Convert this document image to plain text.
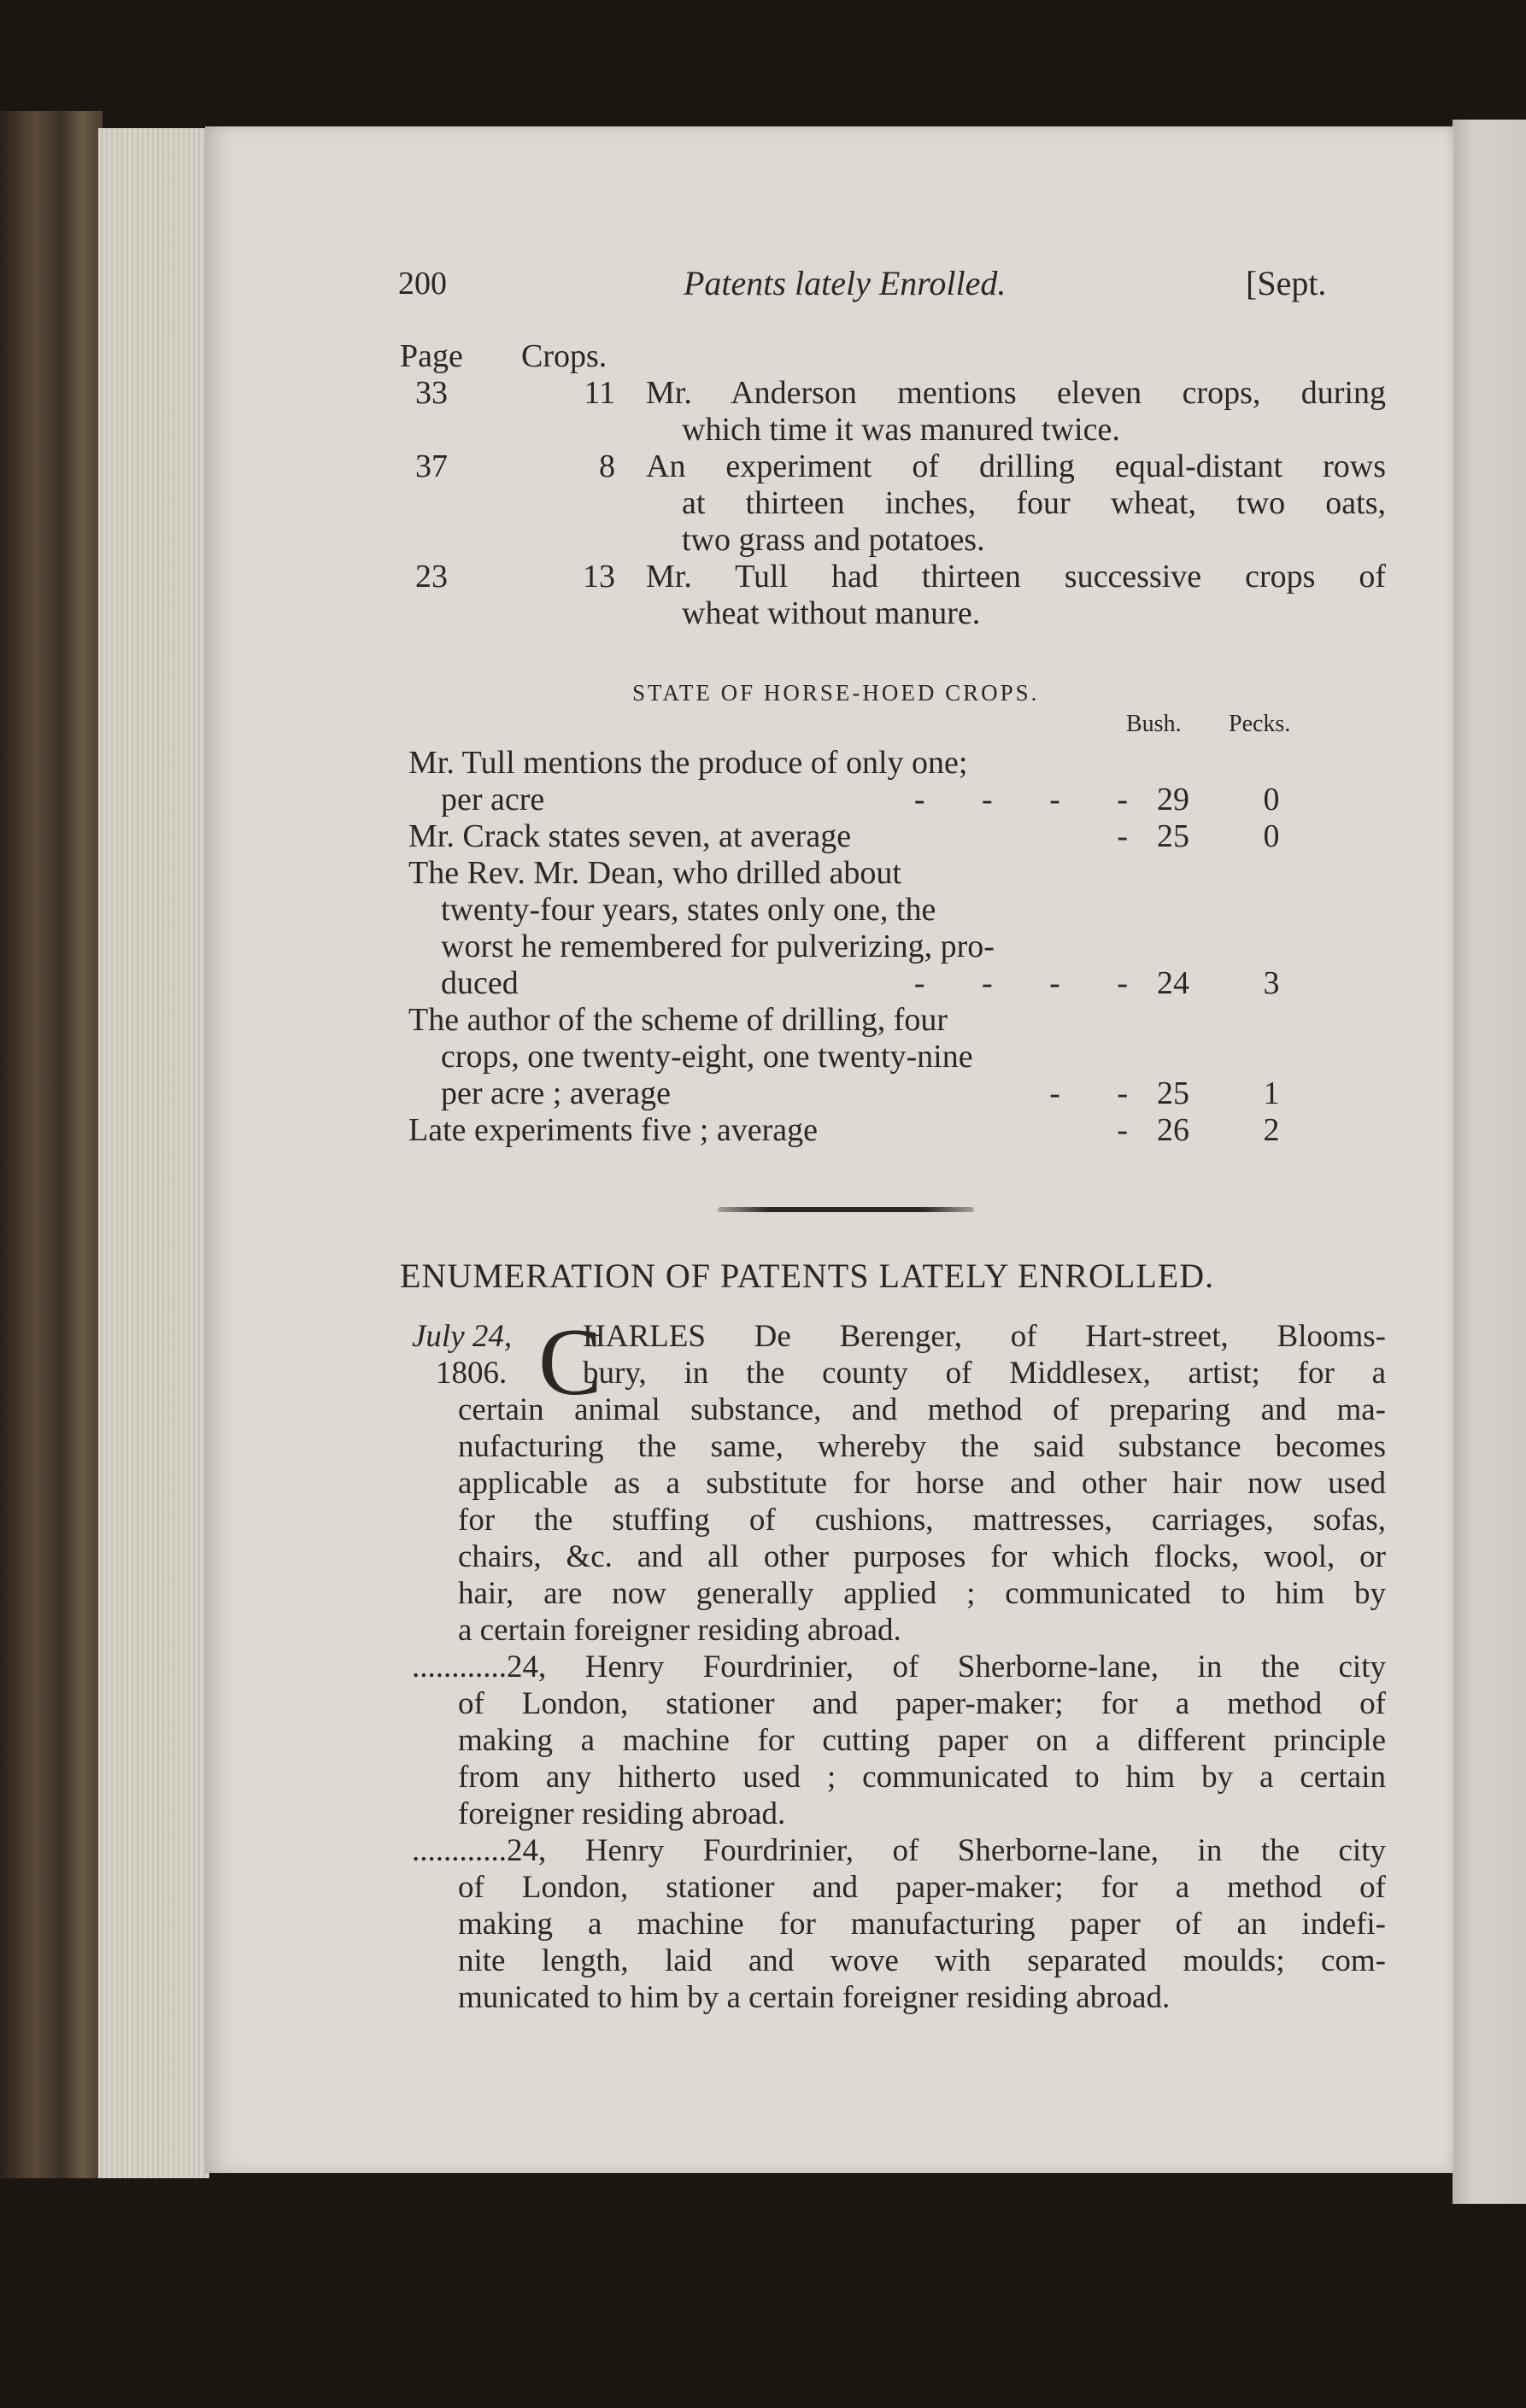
200	Patents lately Enrolled.	[Sept.
Page Crops.
33	11 Mr. Anderson mentions eleven crops, during
which time it was manured twice.
37	8 An experiment of drilling equal-distant rows
at thirteen inches, four wheat, two oats,
two grass and potatoes.
23	13 Mr. Tull had thirteen successive crops of
wheat without manure.
STATE OF HORSE-HOED CROPS.
Bush. Pecks.
Mr. Tull mentions the produce of only one;
per acre	-       -       -       - 29	0
Mr. Crack states seven, at average	- 25	0
The Rev. Mr. Dean, who drilled about
twenty-four years, states only one, the
worst he remembered for pulverizing, pro-
duced	-       -       -       - 24	3
The author of the scheme of drilling, four
crops, one twenty-eight, one twenty-nine
per acre ; average	-       - 25	1
Late experiments five ; average	- 26	2
ENUMERATION OF PATENTS LATELY ENROLLED.
C
July 24, HARLES De Berenger, of Hart-street, Blooms-
1806. bury, in the county of Middlesex, artist; for a
certain animal substance, and method of preparing and ma-
nufacturing the same, whereby the said substance becomes
applicable as a substitute for horse and other hair now used
for the stuffing of cushions, mattresses, carriages, sofas,
chairs, &c. and all other purposes for which flocks, wool, or
hair, are now generally applied ; communicated to him by
a certain foreigner residing abroad.
............24, Henry Fourdrinier, of Sherborne-lane, in the city
of London, stationer and paper-maker; for a method of
making a machine for cutting paper on a different principle
from any hitherto used ; communicated to him by a certain
foreigner residing abroad.
............24, Henry Fourdrinier, of Sherborne-lane, in the city
of London, stationer and paper-maker; for a method of
making a machine for manufacturing paper of an indefi-
nite length, laid and wove with separated moulds; com-
municated to him by a certain foreigner residing abroad.
